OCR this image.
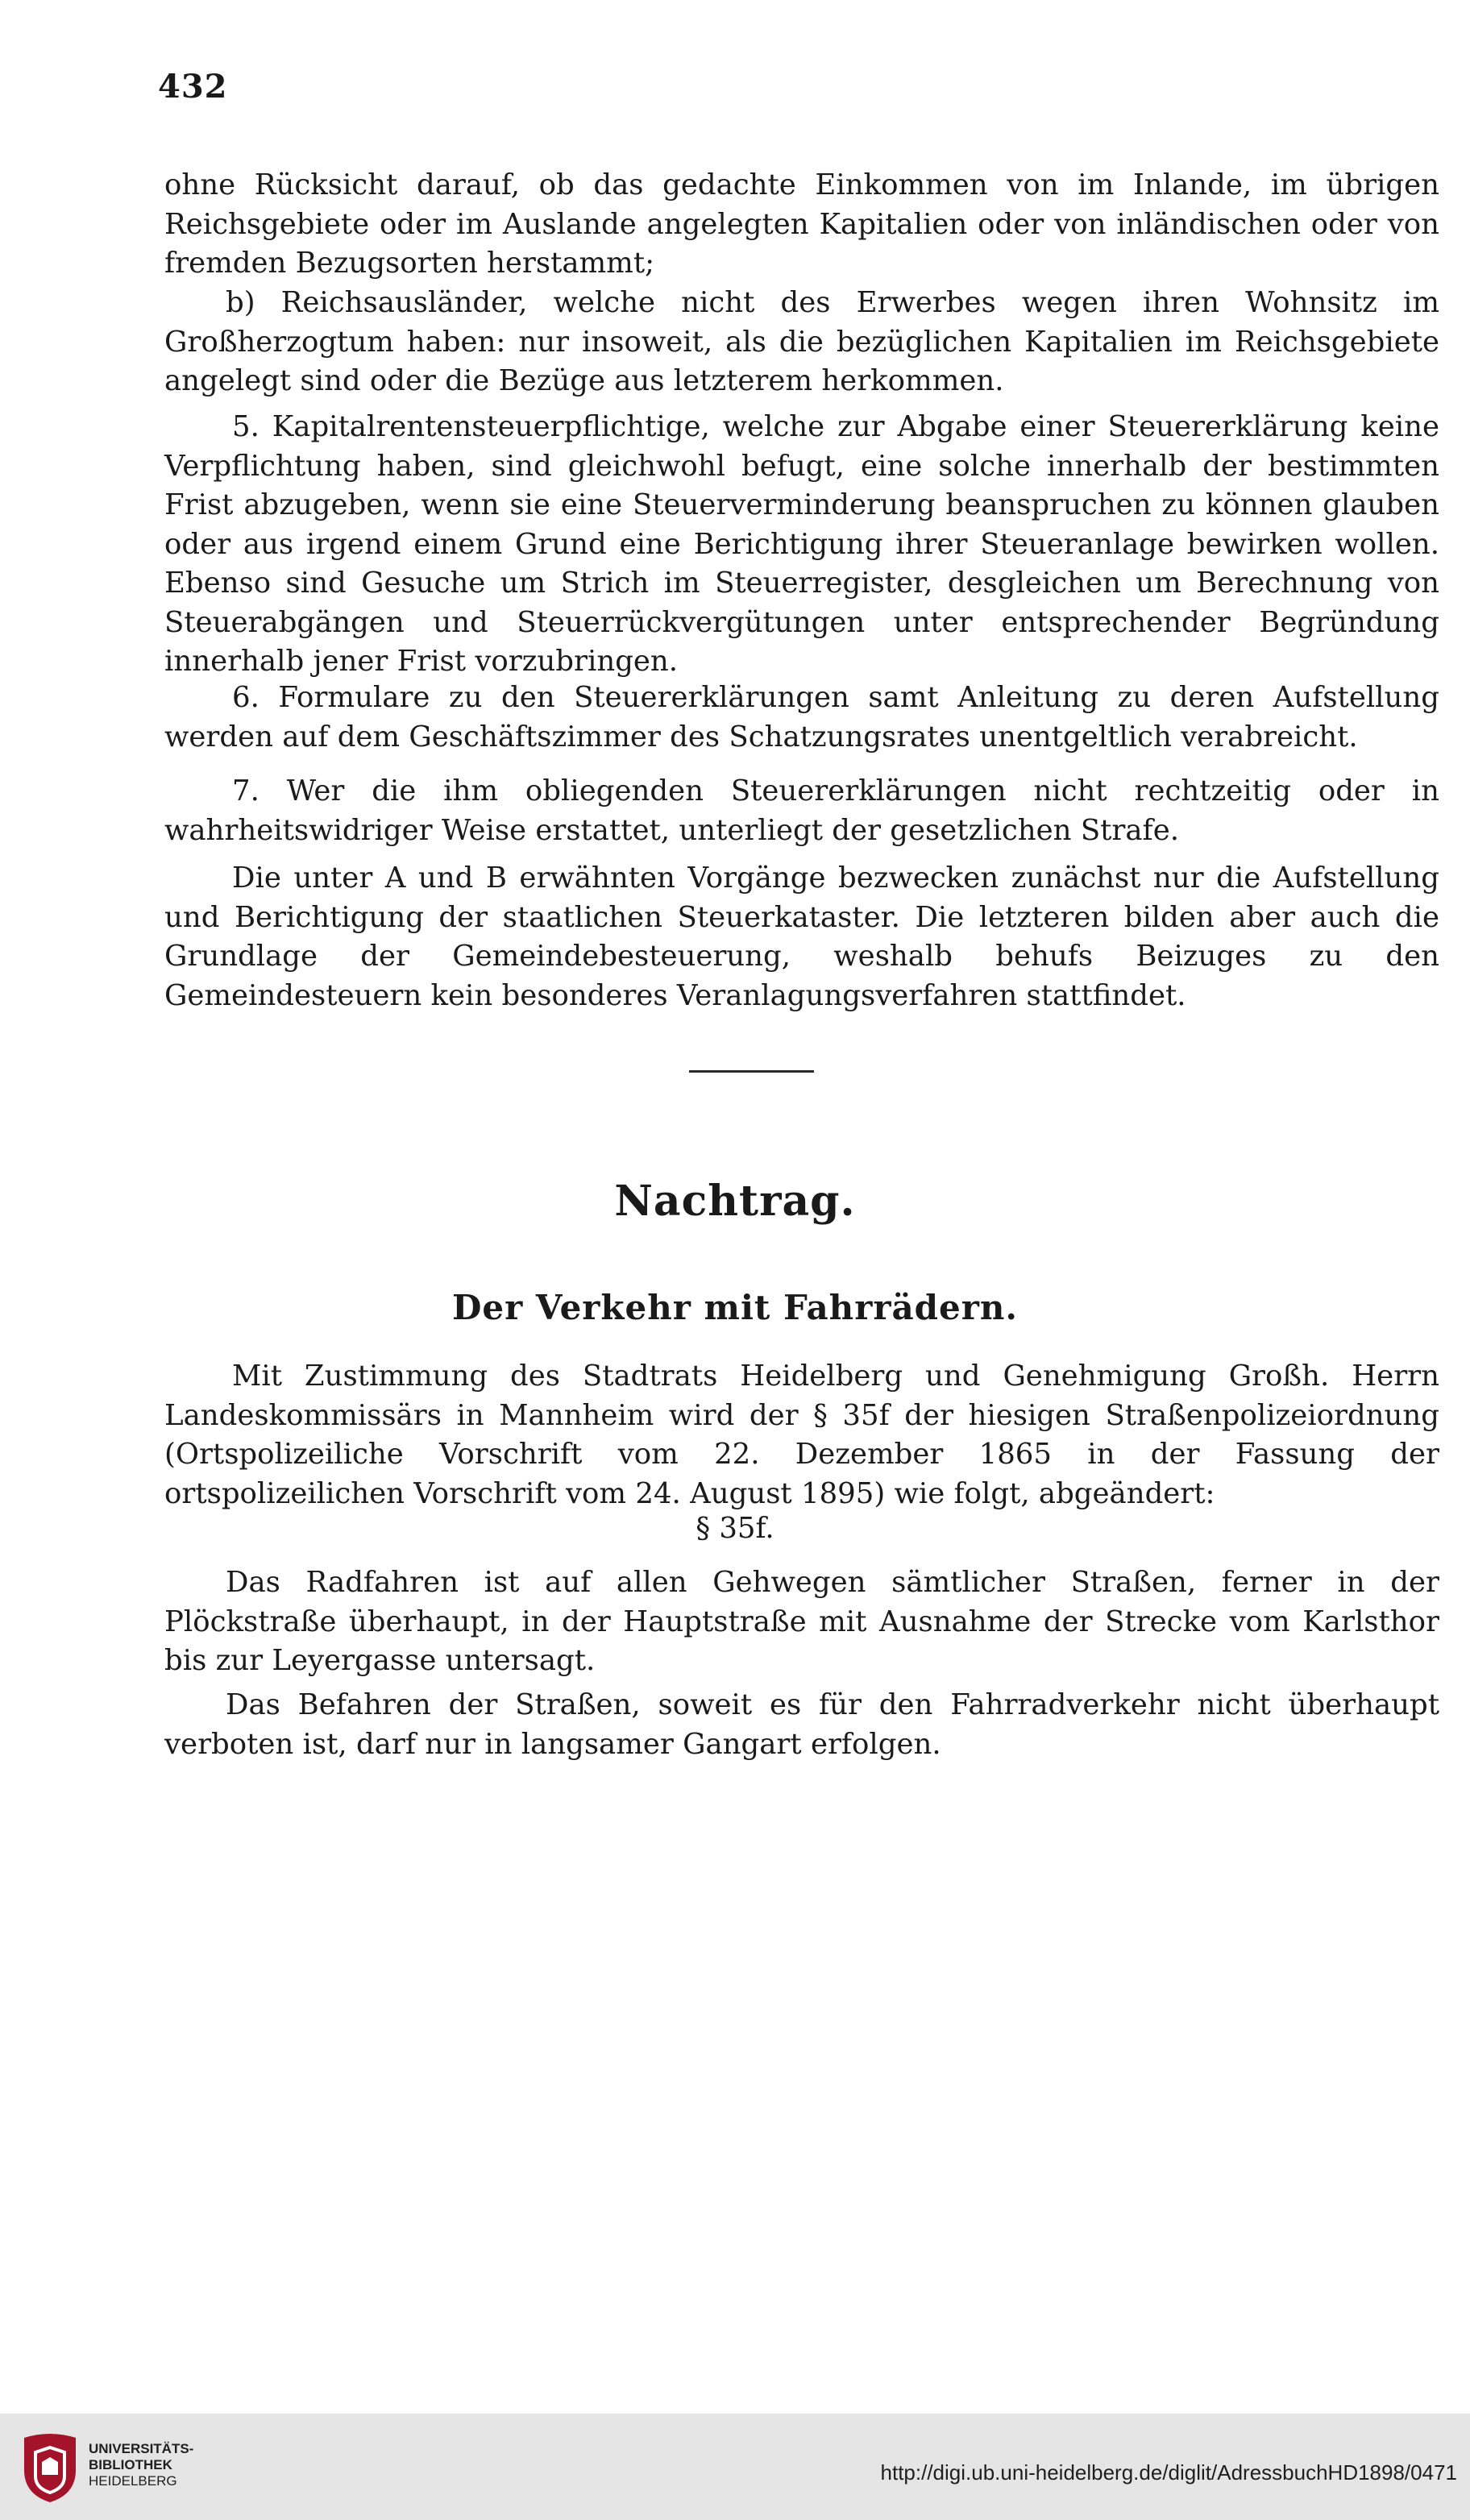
432

ohne Rücksicht darauf, ob das gedachte Einkommen von im Inlande, im übrigen Reichsgebiete oder im Auslande angelegten Kapitalien oder von inländischen oder von fremden Bezugsorten herstammt;

b) Reichsausländer, welche nicht des Erwerbes wegen ihren Wohnsitz im Großherzogtum haben: nur insoweit, als die bezüglichen Kapitalien im Reichsgebiete angelegt sind oder die Bezüge aus letzterem herkommen.

5. Kapitalrentensteuerpflichtige, welche zur Abgabe einer Steuererklärung keine Verpflichtung haben, sind gleichwohl befugt, eine solche innerhalb der bestimmten Frist abzugeben, wenn sie eine Steuerverminderung beanspruchen zu können glauben oder aus irgend einem Grund eine Berichtigung ihrer Steueranlage bewirken wollen. Ebenso sind Gesuche um Strich im Steuerregister, desgleichen um Berechnung von Steuerabgängen und Steuerrückvergütungen unter entsprechender Begründung innerhalb jener Frist vorzubringen.

6. Formulare zu den Steuererklärungen samt Anleitung zu deren Aufstellung werden auf dem Geschäftszimmer des Schatzungsrates unentgeltlich verabreicht.

7. Wer die ihm obliegenden Steuererklärungen nicht rechtzeitig oder in wahrheitswidriger Weise erstattet, unterliegt der gesetzlichen Strafe.

Die unter A und B erwähnten Vorgänge bezwecken zunächst nur die Aufstellung und Berichtigung der staatlichen Steuerkataster. Die letzteren bilden aber auch die Grundlage der Gemeindebesteuerung, weshalb behufs Beizuges zu den Gemeindesteuern kein besonderes Veranlagungsverfahren stattfindet.

Nachtrag.
Der Verkehr mit Fahrrädern.

Mit Zustimmung des Stadtrats Heidelberg und Genehmigung Großh. Herrn Landeskommissärs in Mannheim wird der § 35f der hiesigen Straßenpolizeiordnung (Ortspolizeiliche Vorschrift vom 22. Dezember 1865 in der Fassung der ortspolizeilichen Vorschrift vom 24. August 1895) wie folgt, abgeändert:

§ 35f.

Das Radfahren ist auf allen Gehwegen sämtlicher Straßen, ferner in der Plöckstraße überhaupt, in der Hauptstraße mit Ausnahme der Strecke vom Karlsthor bis zur Leyergasse untersagt.

Das Befahren der Straßen, soweit es für den Fahrradverkehr nicht überhaupt verboten ist, darf nur in langsamer Gangart erfolgen.

UNIVERSITÄTS-
BIBLIOTHEK
HEIDELBERG	http://digi.ub.uni-heidelberg.de/diglit/AdressbuchHD1898/0471
